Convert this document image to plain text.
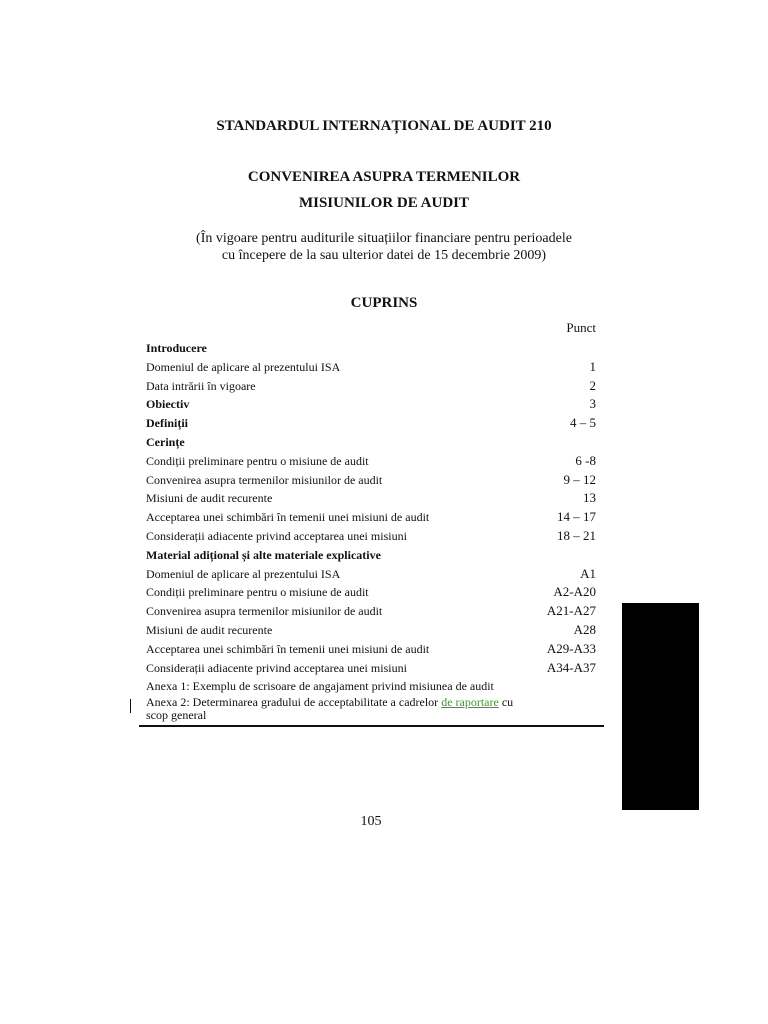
STANDARDUL INTERNAȚIONAL DE AUDIT 210
CONVENIREA ASUPRA TERMENILOR
MISIUNILOR DE AUDIT
(În vigoare pentru auditurile situațiilor financiare pentru perioadele
cu începere de la sau ulterior datei de 15 decembrie 2009)
CUPRINS
Punct
Introducere
Domeniul de aplicare al prezentului ISA	1
Data intrării în vigoare	2
Obiectiv	3
Definiții	4 – 5
Cerințe
Condiții preliminare pentru o misiune de audit	6 -8
Convenirea asupra termenilor misiunilor de audit	9 – 12
Misiuni de audit recurente	13
Acceptarea unei schimbări în temenii unei misiuni de audit	14 – 17
Considerații adiacente privind acceptarea unei misiuni	18 – 21
Material adițional și alte materiale explicative
Domeniul de aplicare al prezentului ISA	A1
Condiții preliminare pentru o misiune de audit	A2-A20
Convenirea asupra termenilor misiunilor de audit	A21-A27
Misiuni de audit recurente	A28
Acceptarea unei schimbări în temenii unei misiuni de audit	A29-A33
Considerații adiacente privind acceptarea unei misiuni	A34-A37
Anexa 1: Exemplu de scrisoare de angajament privind misiunea de audit
Anexa 2: Determinarea gradului de acceptabilitate a cadrelor de raportare cu
scop general
105
